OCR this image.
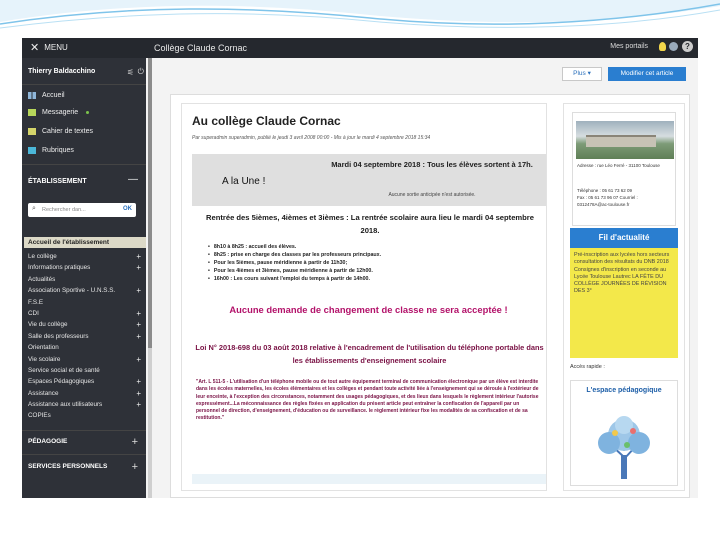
✕ MENU	Collège Claude Cornac	Mes portails	?
Thierry Baldacchino	⚟ ⏻
Accueil
Messagerie
Cahier de textes
Rubriques
ÉTABLISSEMENT	—
⌕ Rechercher dan...	OK
Accueil de l'établissement
Le collège	+
Informations pratiques	+
Actualités
Association Sportive - U.N.S.S.	+
F.S.E
CDI	+
Vie du collège	+
Salle des professeurs	+
Orientation
Vie scolaire	+
Service social et de santé
Espaces Pédagogiques	+
Assistance	+
Assistance aux utilisateurs	+
COPIEs
PÉDAGOGIE	+
SERVICES PERSONNELS +
Plus ▾	Modifier cet article
Au collège Claude Cornac
Par superadmin superadmin, publié le jeudi 3 avril 2008 00:00 - Mis à jour le mardi 4 septembre 2018 15:34
A la Une !
Mardi 04 septembre 2018 : Tous les élèves sortent à 17h.
Aucune sortie anticipée n'est autorisée.
Rentrée des 5ièmes, 4ièmes et 3ièmes : La rentrée scolaire aura lieu le mardi 04 septembre 2018.
• 8h10 à 8h25 : accueil des élèves.
• 8h25 : prise en charge des classes par les professeurs principaux.
• Pour les 5ièmes, pause méridienne à partir de 11h30;
• Pour les 4ièmes et 3ièmes, pause méridienne à partir de 12h00.
• 16h00 : Les cours suivant l'emploi du temps à partir de 14h00.
Aucune demande de changement de classe ne sera acceptée !
Loi N° 2018-698 du 03 août 2018 relative à l'encadrement de l'utilisation du téléphone portable dans les établissements d'enseignement scolaire
"Art. L 511-5 - L'utilisation d'un téléphone mobile ou de tout autre équipement terminal de communication électronique par un élève est interdite dans les écoles maternelles, les écoles élémentaires et les collèges et pendant toute activité liée à l'enseignement qui se déroule à l'extérieur de leur enceinte, à l'exception des circonstances, notamment des usages pédagogiques, et des lieux dans lesquels le règlement intérieur l'autorise expressément...La méconnaissance des règles fixées en application du présent article peut entraîner la confiscation de l'appareil par un personnel de direction, d'enseignement, d'éducation ou de surveillance. le règlement intérieur fixe les modalités de sa confiscation et de sa restitution."
Adresse : rue Léo Ferré - 31100 Toulouse
Téléphone : 05 61 73 62 09
Fax : 05 61 73 96 07 Courriel :
0312478A@ac-toulouse.fr
Fil d'actualité
Pré-inscription aux lycées hors secteurs consultation des résultats du DNB 2018 Consignes d'inscription en seconde au Lycée Toulouse Lautrec LA FÊTE DU COLLÈGE JOURNÉES DE RÉVISION DES 3°
Accès rapide :
L'espace pédagogique
